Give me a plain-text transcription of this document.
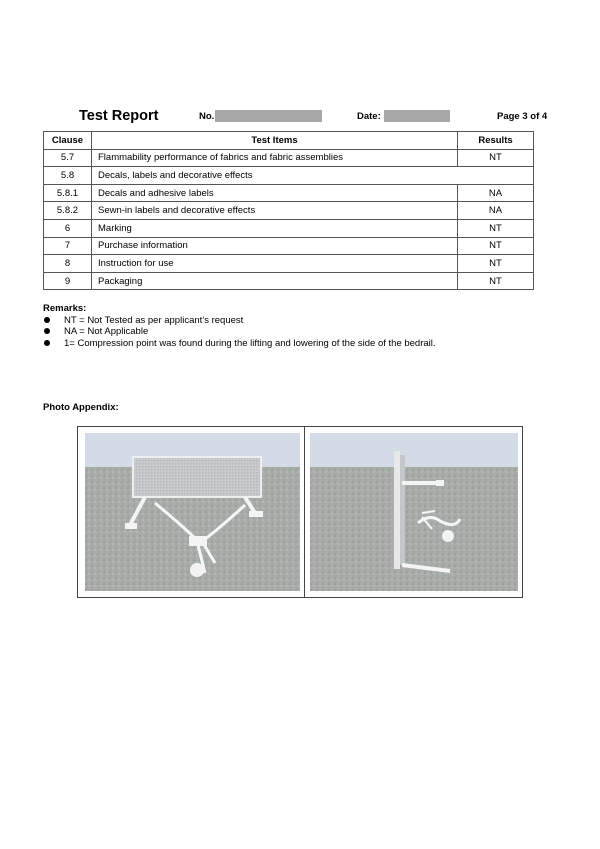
Test Report	No.	Date:	Page 3 of 4
Clause	Test Items	Results
5.7	Flammability performance of fabrics and fabric assemblies	NT
5.8	Decals, labels and decorative effects	
5.8.1	Decals and adhesive labels	NA
5.8.2	Sewn-in labels and decorative effects	NA
6	Marking	NT
7	Purchase information	NT
8	Instruction for use	NT
9	Packaging	NT
Remarks:
NT = Not Tested as per applicant’s request
NA = Not Applicable
1= Compression point was found during the lifting and lowering of the side of the bedrail.
Photo Appendix:
